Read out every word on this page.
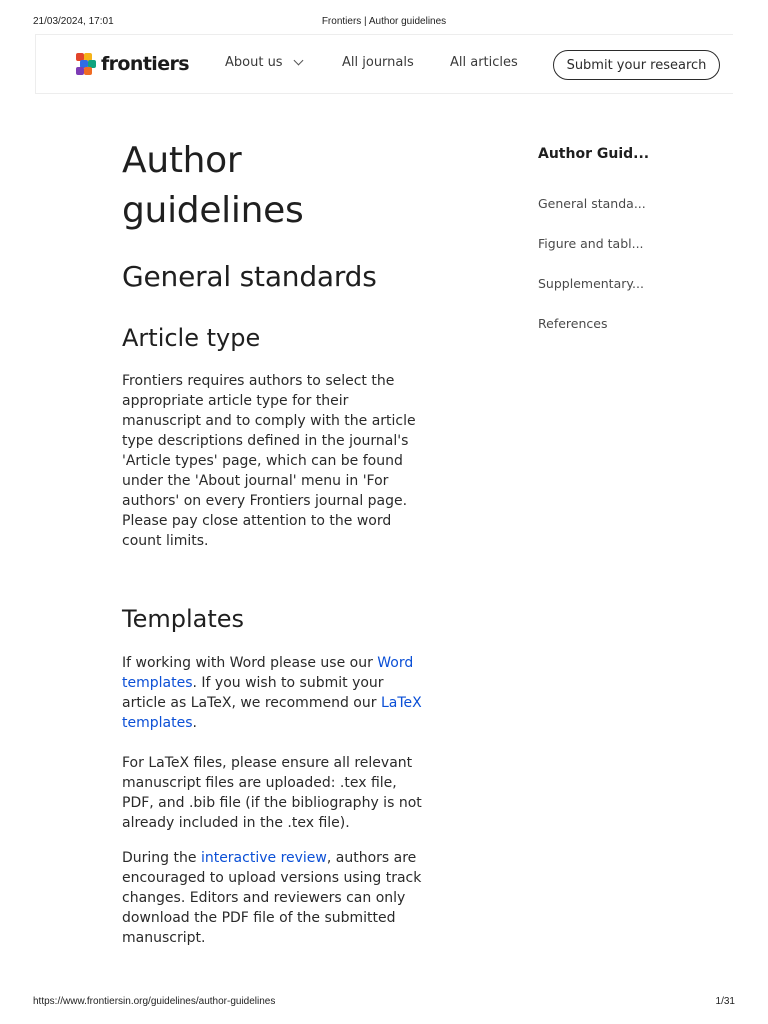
21/03/2024, 17:01	Frontiers | Author guidelines
frontiers	About us	All journals	All articles	Submit your research
Author guidelines
General standards
Article type

Frontiers requires authors to select the appropriate article type for their manuscript and to comply with the article type descriptions defined in the journal's 'Article types' page, which can be found under the 'About journal' menu in 'For authors' on every Frontiers journal page. Please pay close attention to the word count limits.

Templates

If working with Word please use our Word templates. If you wish to submit your article as LaTeX, we recommend our LaTeX templates.

For LaTeX files, please ensure all relevant manuscript files are uploaded: .tex file, PDF, and .bib file (if the bibliography is not already included in the .tex file).

During the interactive review, authors are encouraged to upload versions using track changes. Editors and reviewers can only download the PDF file of the submitted manuscript.

Author Guid...
General standa...
Figure and tabl...
Supplementary...
References
https://www.frontiersin.org/guidelines/author-guidelines	1/31
